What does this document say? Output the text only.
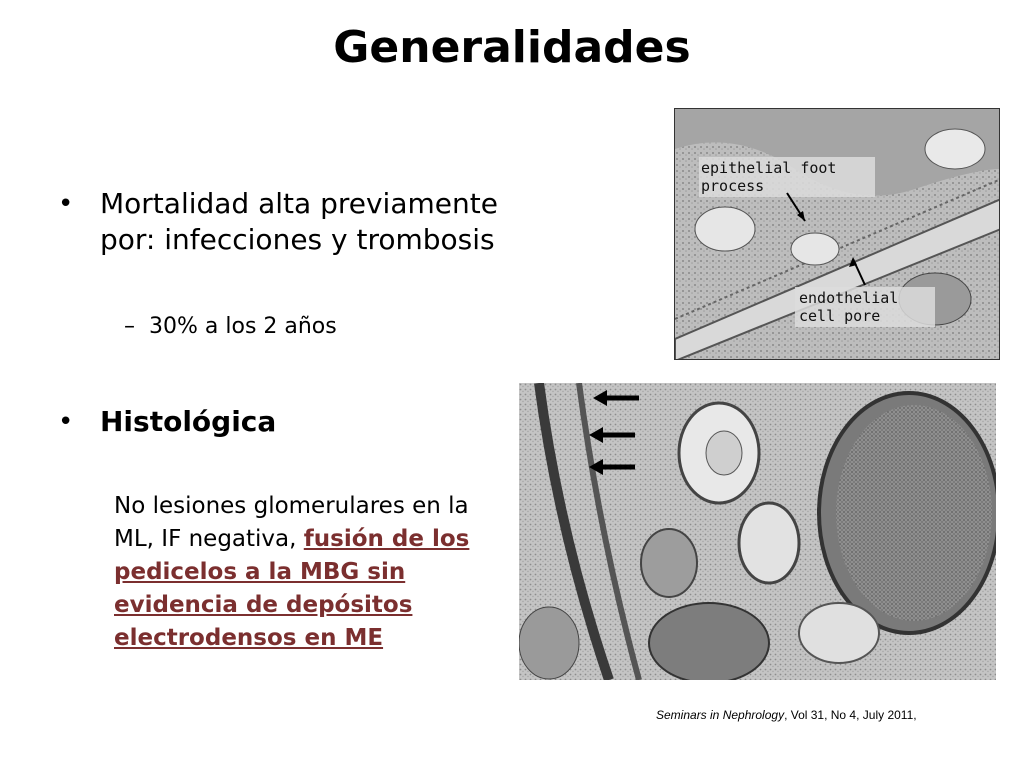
Generalidades
• Mortalidad alta previamente por: infecciones y trombosis
– 30% a los 2 años
• Histológica
No lesiones glomerulares en la ML, IF negativa, fusión de los pedicelos a la MBG sin evidencia de depósitos electrodensos en ME
epithelial foot
process
endothelial
cell pore
Seminars in Nephrology, Vol 31, No 4, July 2011,
